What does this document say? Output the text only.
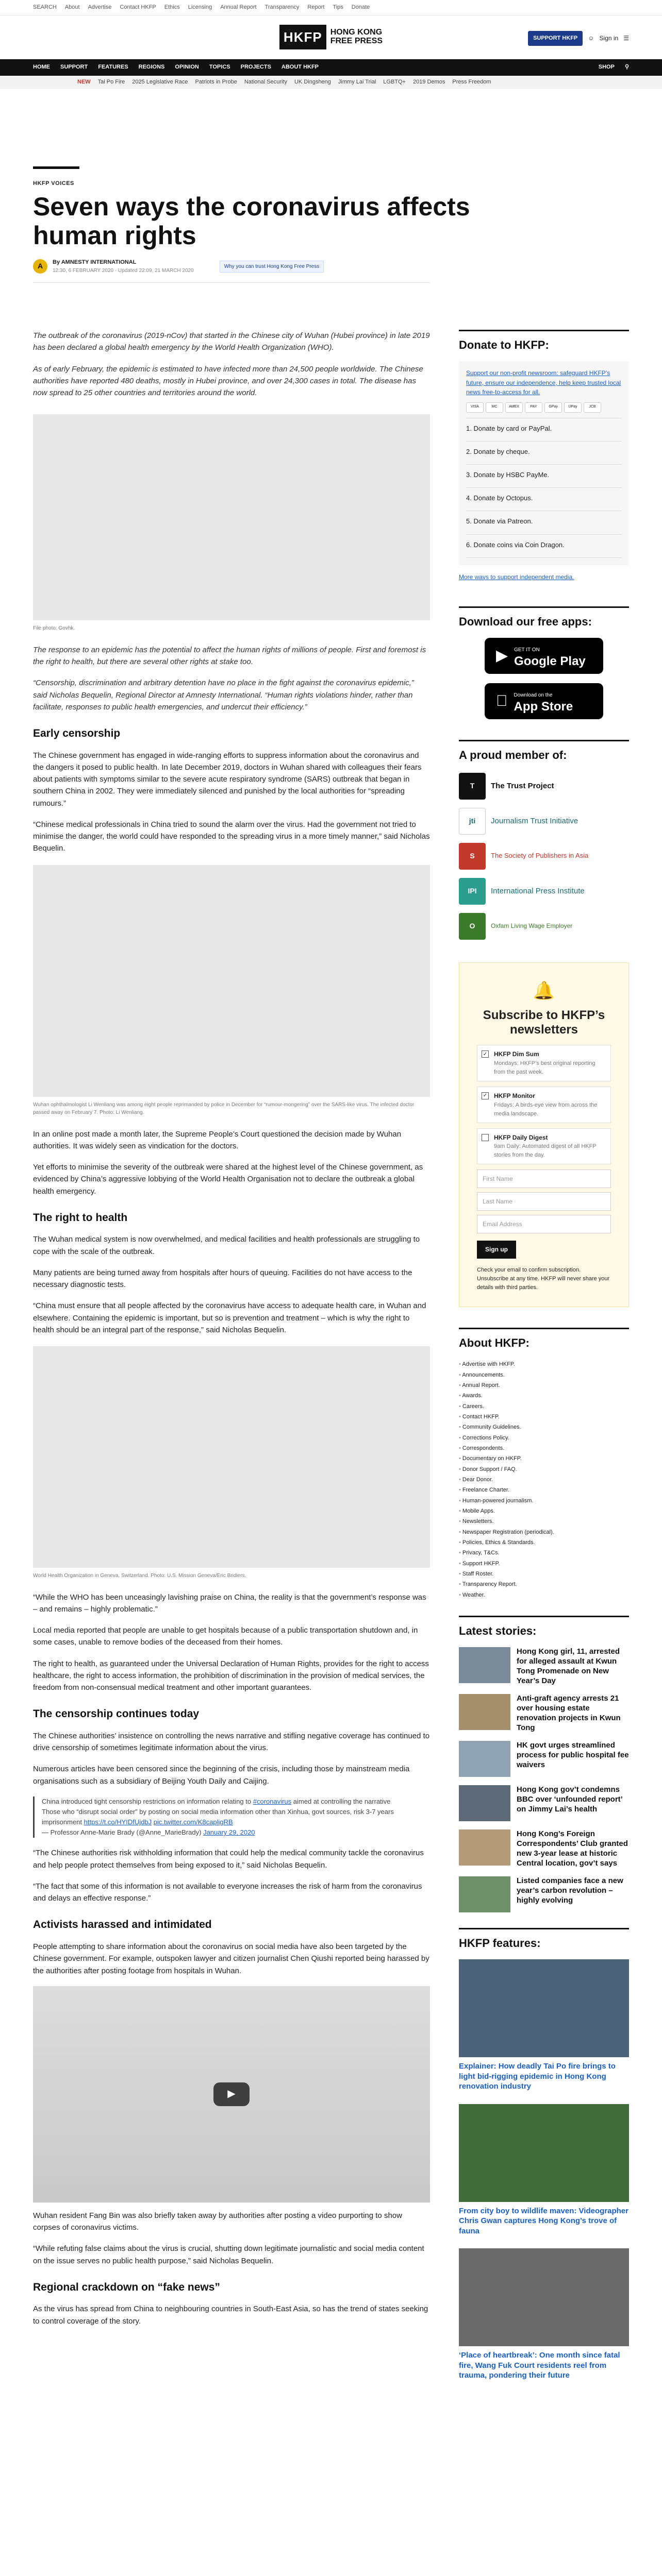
SEARCH About Advertise Contact HKFP Ethics Licensing Annual Report Transparency Report Tips Donate
HKFP	HONG KONG
FREE PRESS	SUPPORT HKFP	☺ Sign in ☰
HOME SUPPORT FEATURES REGIONS OPINION TOPICS PROJECTS ABOUT HKFP	SHOP ⚲
NEW Tai Po Fire 2025 Legislative Race Patriots in Probe National Security UK Dingsheng Jimmy Lai Trial LGBTQ+ 2019 Demos Press Freedom
HKFP VOICES
Seven ways the coronavirus affects human rights
A	By AMNESTY INTERNATIONAL
12:30, 6 FEBRUARY 2020 · Updated 22:09, 21 MARCH 2020
Why you can trust Hong Kong Free Press

The outbreak of the coronavirus (2019-nCov) that started in the Chinese city of Wuhan (Hubei province) in late 2019 has been declared a global health emergency by the World Health Organization (WHO).

As of early February, the epidemic is estimated to have infected more than 24,500 people worldwide. The Chinese authorities have reported 480 deaths, mostly in Hubei province, and over 24,300 cases in total. The disease has now spread to 25 other countries and territories around the world.

File photo: Govhk.

The response to an epidemic has the potential to affect the human rights of millions of people. First and foremost is the right to health, but there are several other rights at stake too.

“Censorship, discrimination and arbitrary detention have no place in the fight against the coronavirus epidemic,” said Nicholas Bequelin, Regional Director at Amnesty International. “Human rights violations hinder, rather than facilitate, responses to public health emergencies, and undercut their efficiency.”

Early censorship

The Chinese government has engaged in wide-ranging efforts to suppress information about the coronavirus and the dangers it posed to public health. In late December 2019, doctors in Wuhan shared with colleagues their fears about patients with symptoms similar to the severe acute respiratory syndrome (SARS) outbreak that began in southern China in 2002. They were immediately silenced and punished by the local authorities for “spreading rumours.”

“Chinese medical professionals in China tried to sound the alarm over the virus. Had the government not tried to minimise the danger, the world could have responded to the spreading virus in a more timely manner,” said Nicholas Bequelin.

Wuhan ophthalmologist Li Wenliang was among eight people reprimanded by police in December for “rumour-mongering” over the SARS-like virus. The infected doctor passed away on February 7. Photo: Li Wenliang.

In an online post made a month later, the Supreme People’s Court questioned the decision made by Wuhan authorities. It was widely seen as vindication for the doctors.

Yet efforts to minimise the severity of the outbreak were shared at the highest level of the Chinese government, as evidenced by China’s aggressive lobbying of the World Health Organisation not to declare the outbreak a global health emergency.

The right to health

The Wuhan medical system is now overwhelmed, and medical facilities and health professionals are struggling to cope with the scale of the outbreak.

Many patients are being turned away from hospitals after hours of queuing. Facilities do not have access to the necessary diagnostic tests.

“China must ensure that all people affected by the coronavirus have access to adequate health care, in Wuhan and elsewhere. Containing the epidemic is important, but so is prevention and treatment – which is why the right to health should be an integral part of the response,” said Nicholas Bequelin.

World Health Organization in Geneva, Switzerland. Photo: U.S. Mission Geneva/Eric Bridiers.

“While the WHO has been unceasingly lavishing praise on China, the reality is that the government’s response was – and remains – highly problematic.”

Local media reported that people are unable to get hospitals because of a public transportation shutdown and, in some cases, unable to remove bodies of the deceased from their homes.

The right to health, as guaranteed under the Universal Declaration of Human Rights, provides for the right to access healthcare, the right to access information, the prohibition of discrimination in the provision of medical services, the freedom from non-consensual medical treatment and other important guarantees.

The censorship continues today

The Chinese authorities’ insistence on controlling the news narrative and stifling negative coverage has continued to drive censorship of sometimes legitimate information about the virus.

Numerous articles have been censored since the beginning of the crisis, including those by mainstream media organisations such as a subsidiary of Beijing Youth Daily and Caijing.

China introduced tight censorship restrictions on information relating to #coronavirus aimed at controlling the narrative
Those who “disrupt social order” by posting on social media information other than Xinhua, govt sources, risk 3-7 years imprisonment https://t.co/HYIDfUjdbJ pic.twitter.com/K8capligRB
— Professor Anne-Marie Brady (@Anne_MarieBrady) January 29, 2020

“The Chinese authorities risk withholding information that could help the medical community tackle the coronavirus and help people protect themselves from being exposed to it,” said Nicholas Bequelin.

“The fact that some of this information is not available to everyone increases the risk of harm from the coronavirus and delays an effective response.”

Activists harassed and intimidated

People attempting to share information about the coronavirus on social media have also been targeted by the Chinese government. For example, outspoken lawyer and citizen journalist Chen Qiushi reported being harassed by the authorities after posting footage from hospitals in Wuhan.

▶

Wuhan resident Fang Bin was also briefly taken away by authorities after posting a video purporting to show corpses of coronavirus victims.

“While refuting false claims about the virus is crucial, shutting down legitimate journalistic and social media content on the issue serves no public health purpose,” said Nicholas Bequelin.

Regional crackdown on “fake news”

As the virus has spread from China to neighbouring countries in South-East Asia, so has the trend of states seeking to control coverage of the story.

Donate to HKFP:
Support our non-profit newsroom: safeguard HKFP’s future, ensure our independence, help keep trusted local news free-to-access for all.
VISA	MC	AMEX	PAY	GPay	UPay	JCB
1. Donate by card or PayPal.
2. Donate by cheque.
3. Donate by HSBC PayMe.
4. Donate by Octopus.
5. Donate via Patreon.
6. Donate coins via Coin Dragon.
More ways to support independent media.
Download our free apps:
▶ GET IT ON
Google Play
Download on the
App Store
A proud member of:
T	The Trust Project
jti	Journalism Trust Initiative
S	The Society of Publishers in Asia
IPI	International Press Institute
O	Oxfam Living Wage Employer
🔔
Subscribe to HKFP’s newsletters
✓ HKFP Dim Sum
Mondays: HKFP’s best original reporting from the past week.
✓ HKFP Monitor
Fridays: A birds-eye view from across the media landscape.
HKFP Daily Digest
9am Daily: Automated digest of all HKFP stories from the day.
First Name
Last Name
Email Address
Sign up
Check your email to confirm subscription. Unsubscribe at any time. HKFP will never share your details with third parties.
About HKFP:
• Advertise with HKFP.
• Announcements.
• Annual Report.
• Awards.
• Careers.
• Contact HKFP.
• Community Guidelines.
• Corrections Policy.
• Correspondents.
• Documentary on HKFP.
• Donor Support / FAQ.
• Dear Donor.
• Freelance Charter.
• Human-powered journalism.
• Mobile Apps.
• Newsletters.
• Newspaper Registration (periodical).
• Policies, Ethics & Standards.
• Privacy, T&Cs.
• Support HKFP.
• Staff Roster.
• Transparency Report.
• Weather.
Latest stories:
Hong Kong girl, 11, arrested for alleged assault at Kwun Tong Promenade on New Year’s Day
Anti-graft agency arrests 21 over housing estate renovation projects in Kwun Tong
HK govt urges streamlined process for public hospital fee waivers
Hong Kong gov’t condemns BBC over ‘unfounded report’ on Jimmy Lai’s health
Hong Kong’s Foreign Correspondents’ Club granted new 3-year lease at historic Central location, gov’t says
Listed companies face a new year’s carbon revolution – highly evolving
HKFP features:
Explainer: How deadly Tai Po fire brings to light bid-rigging epidemic in Hong Kong renovation industry
From city boy to wildlife maven: Videographer Chris Gwan captures Hong Kong’s trove of fauna
‘Place of heartbreak’: One month since fatal fire, Wang Fuk Court residents reel from trauma, pondering their future
